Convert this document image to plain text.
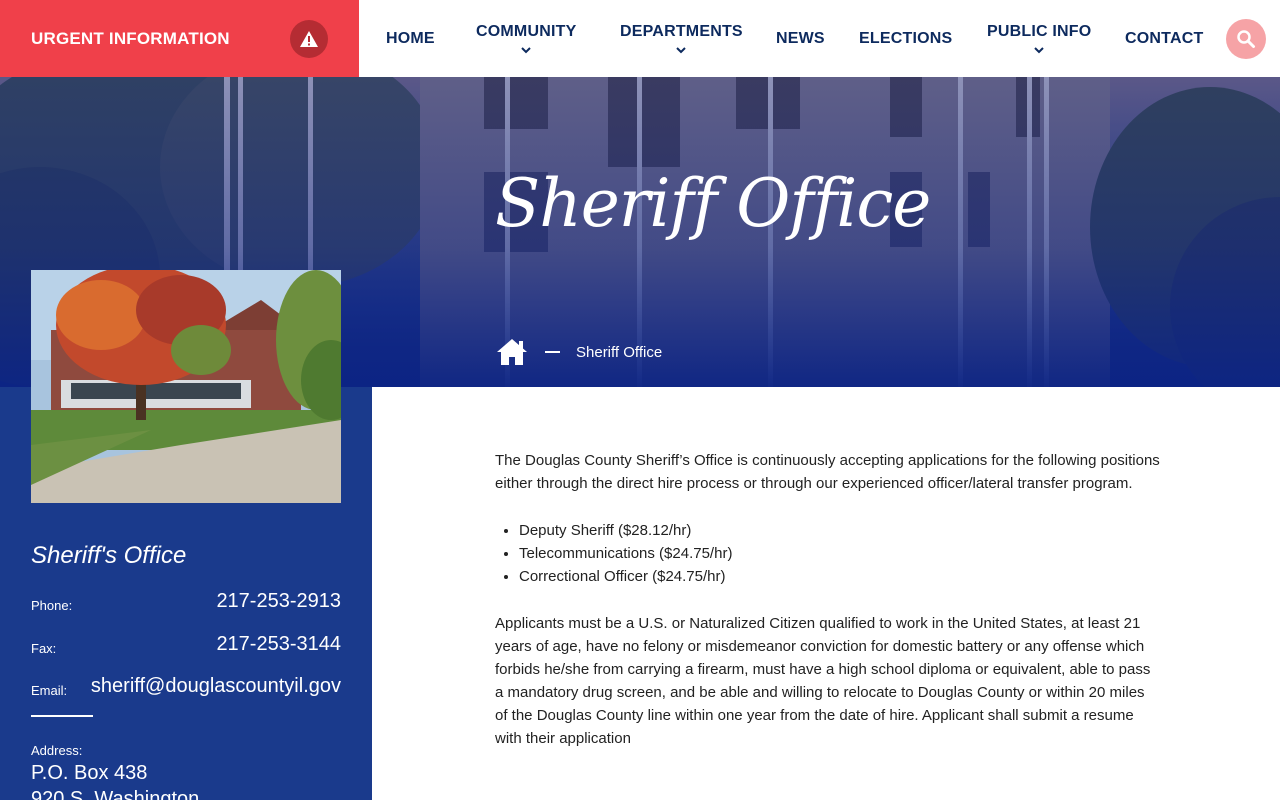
URGENT INFORMATION	HOME	COMMUNITY	DEPARTMENTS NEWS ELECTIONS PUBLIC INFO CONTACT
Sheriff Office
Sheriff Office
Sheriff's Office
Phone:	217-253-2913
Fax:	217-253-3144
Email: sheriff@douglascountyil.gov
Address:
P.O. Box 438
920 S. Washington

The Douglas County Sheriff’s Office is continuously accepting applications for the following positions either through the direct hire process or through our experienced officer/lateral transfer program.

• Deputy Sheriff ($28.12/hr)
• Telecommunications ($24.75/hr)
• Correctional Officer ($24.75/hr)

Applicants must be a U.S. or Naturalized Citizen qualified to work in the United States, at least 21 years of age, have no felony or misdemeanor conviction for domestic battery or any offense which forbids he/she from carrying a firearm, must have a high school diploma or equivalent, able to pass a mandatory drug screen, and be able and willing to relocate to Douglas County or within 20 miles of the Douglas County line within one year from the date of hire. Applicant shall submit a resume with their application
